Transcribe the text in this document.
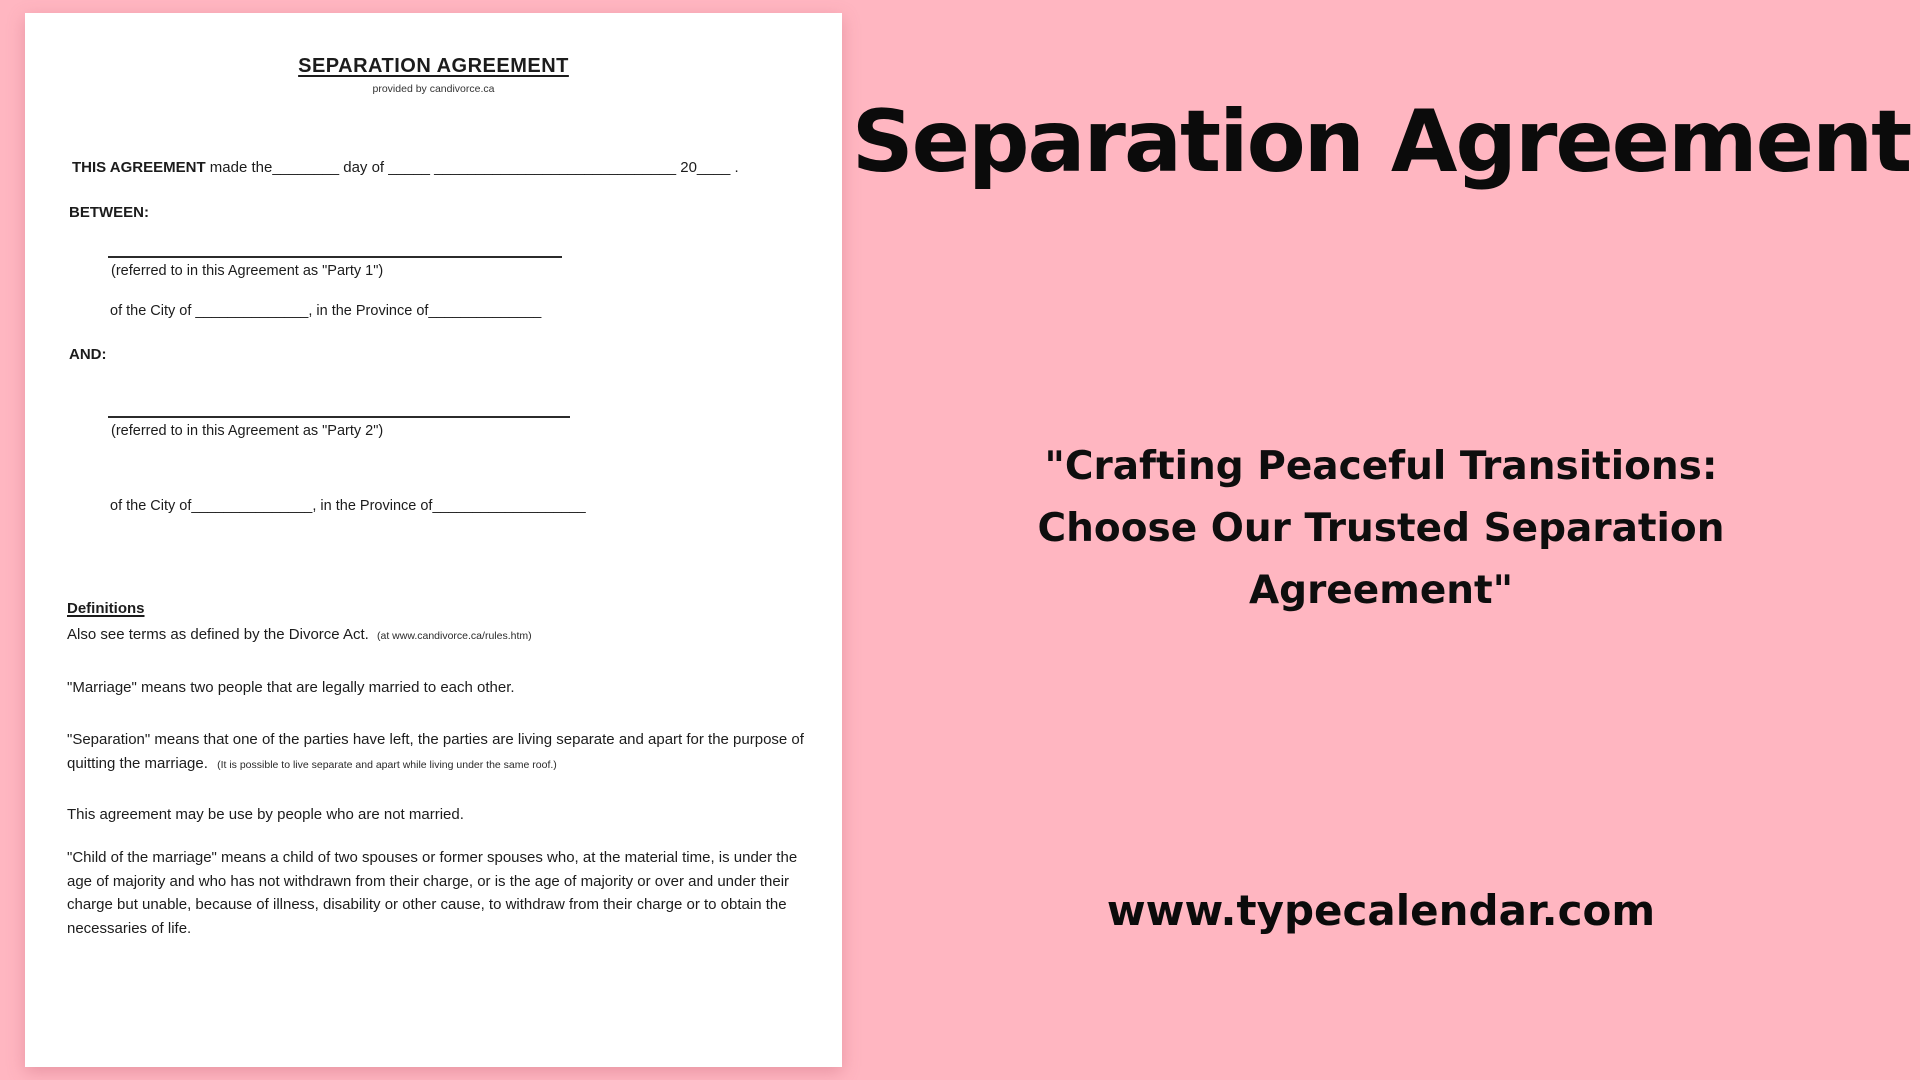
SEPARATION AGREEMENT
provided by candivorce.ca
THIS AGREEMENT made the________ day of _____ _____________________________ 20____ .
BETWEEN:
(referred to in this Agreement as "Party 1")
of the City of ______________, in the Province of______________
AND:
(referred to in this Agreement as "Party 2")
of the City of_______________, in the Province of___________________
Definitions
Also see terms as defined by the Divorce Act. (at www.candivorce.ca/rules.htm)
"Marriage" means two people that are legally married to each other.
"Separation" means that one of the parties have left, the parties are living separate and apart for the purpose of quitting the marriage. (It is possible to live separate and apart while living under the same roof.)
This agreement may be use by people who are not married.
"Child of the marriage" means a child of two spouses or former spouses who, at the material time, is under the age of majority and who has not withdrawn from their charge, or is the age of majority or over and under their charge but unable, because of illness, disability or other cause, to withdraw from their charge or to obtain the necessaries of life.
Separation Agreement
"Crafting Peaceful Transitions:
Choose Our Trusted Separation
Agreement"
www.typecalendar.com
